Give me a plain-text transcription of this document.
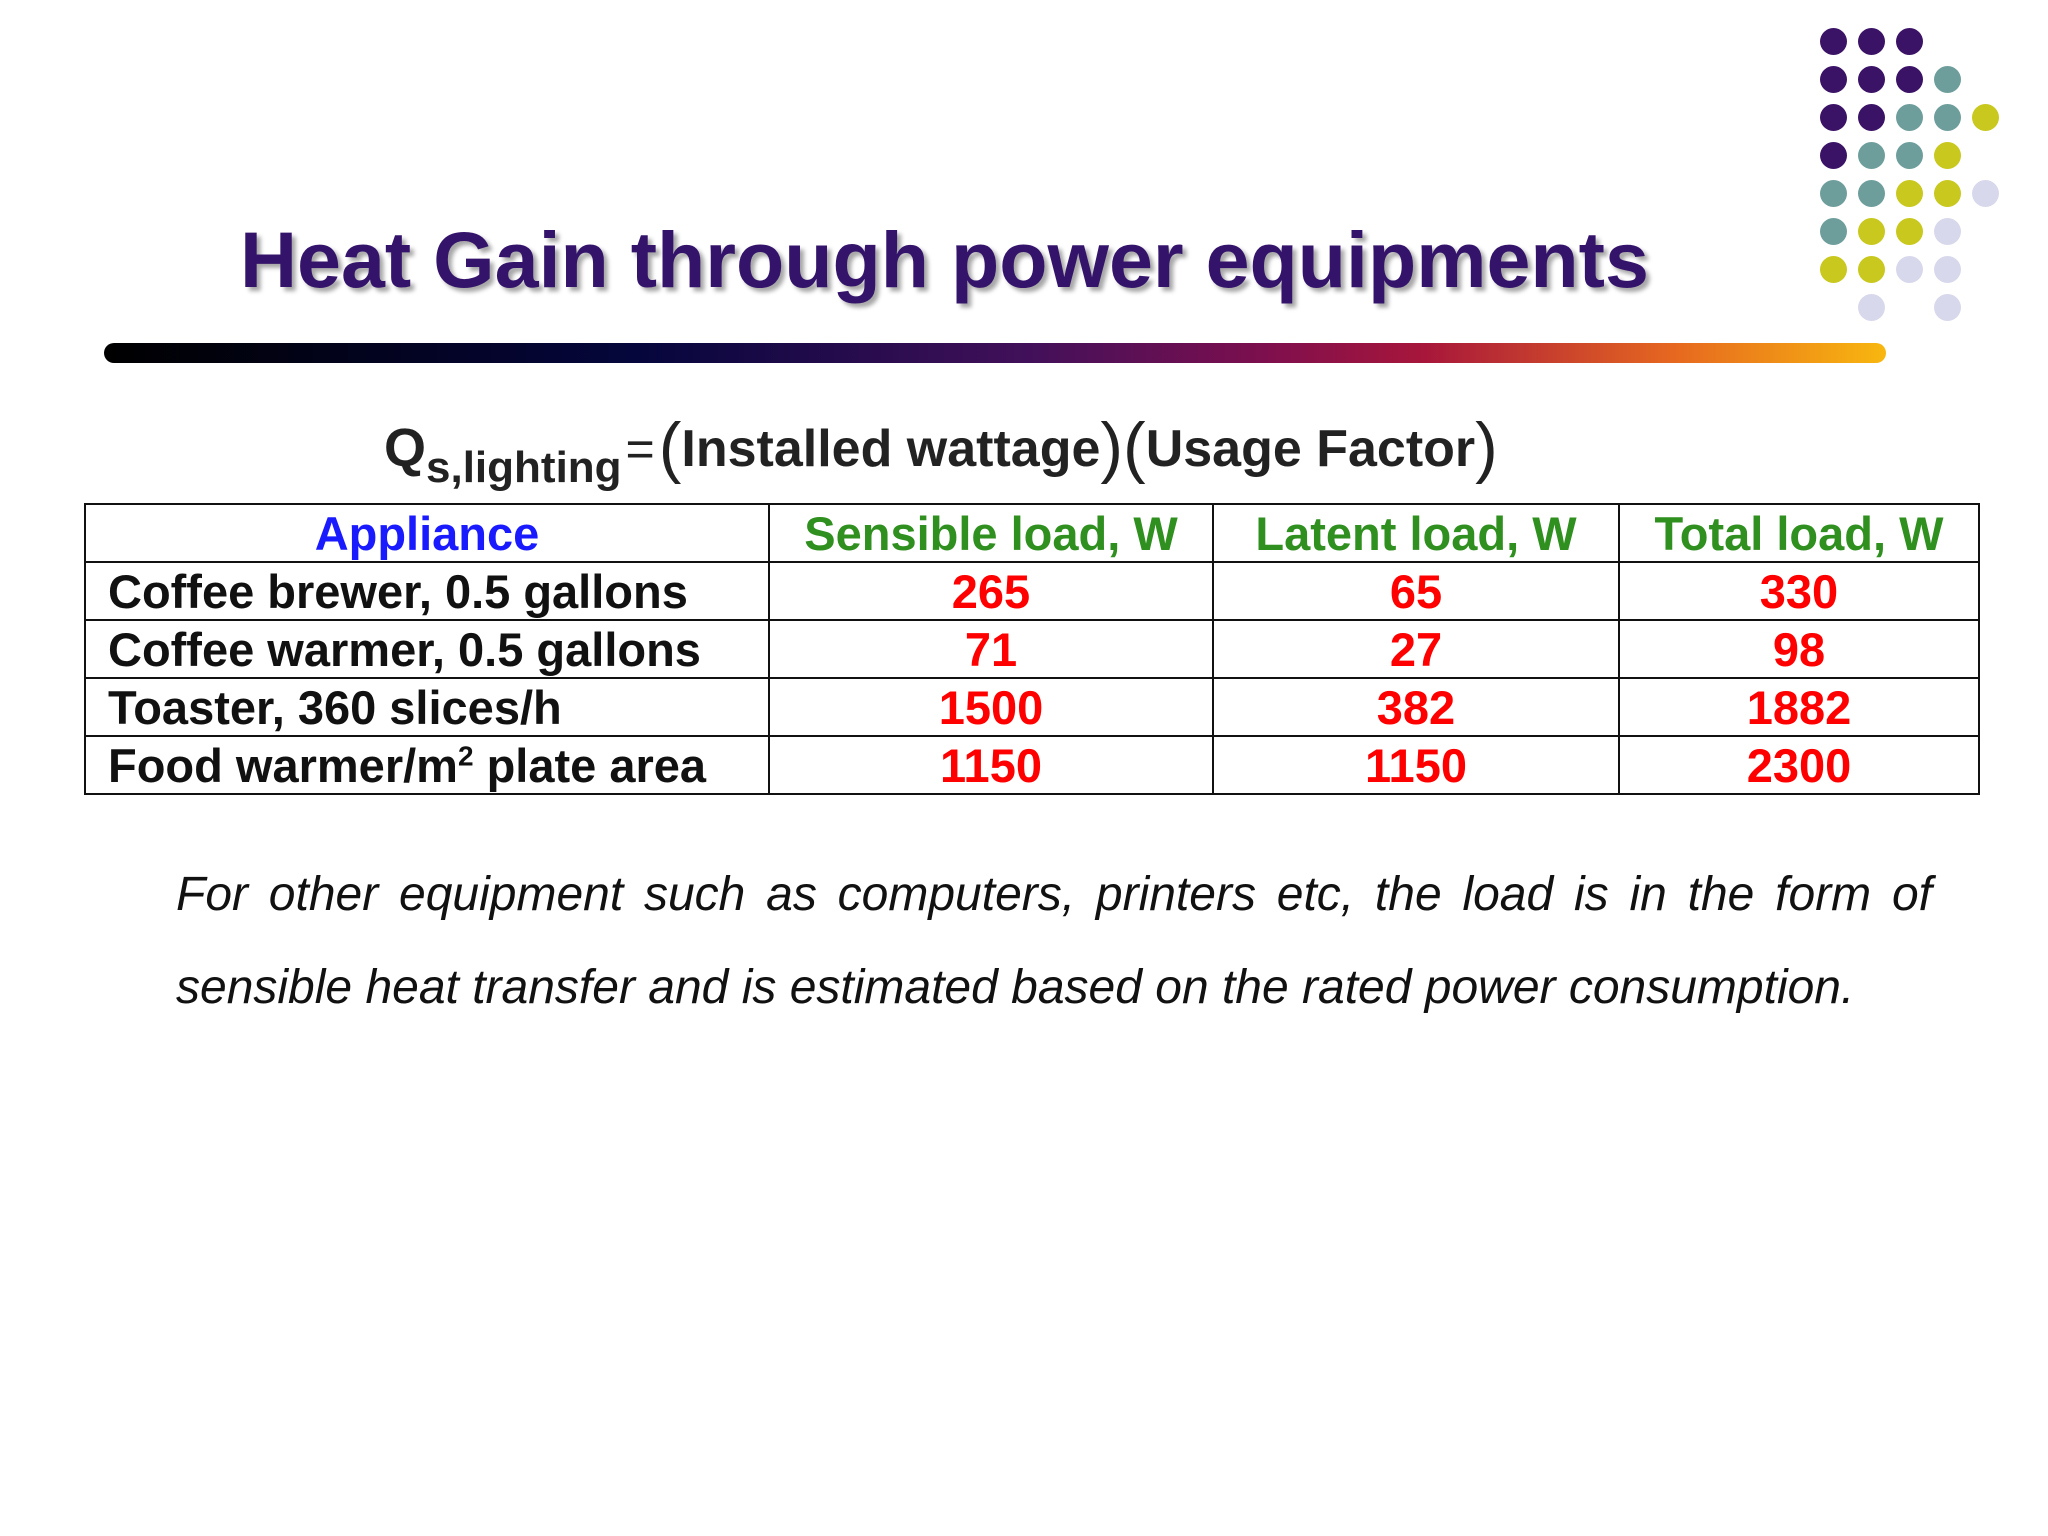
Heat Gain through power equipments
Qs,lighting=(Installed wattage)(Usage Factor)
Appliance	Sensible load, W	Latent load, W	Total load, W
Coffee brewer, 0.5 gallons	265	65	330
Coffee warmer, 0.5 gallons	71	27	98
Toaster, 360 slices/h	1500	382	1882
Food warmer/$m^2$ plate area	1150	1150	2300

For other equipment such as computers, printers etc, the load is in the form of sensible heat transfer and is estimated based on the rated power consumption.
